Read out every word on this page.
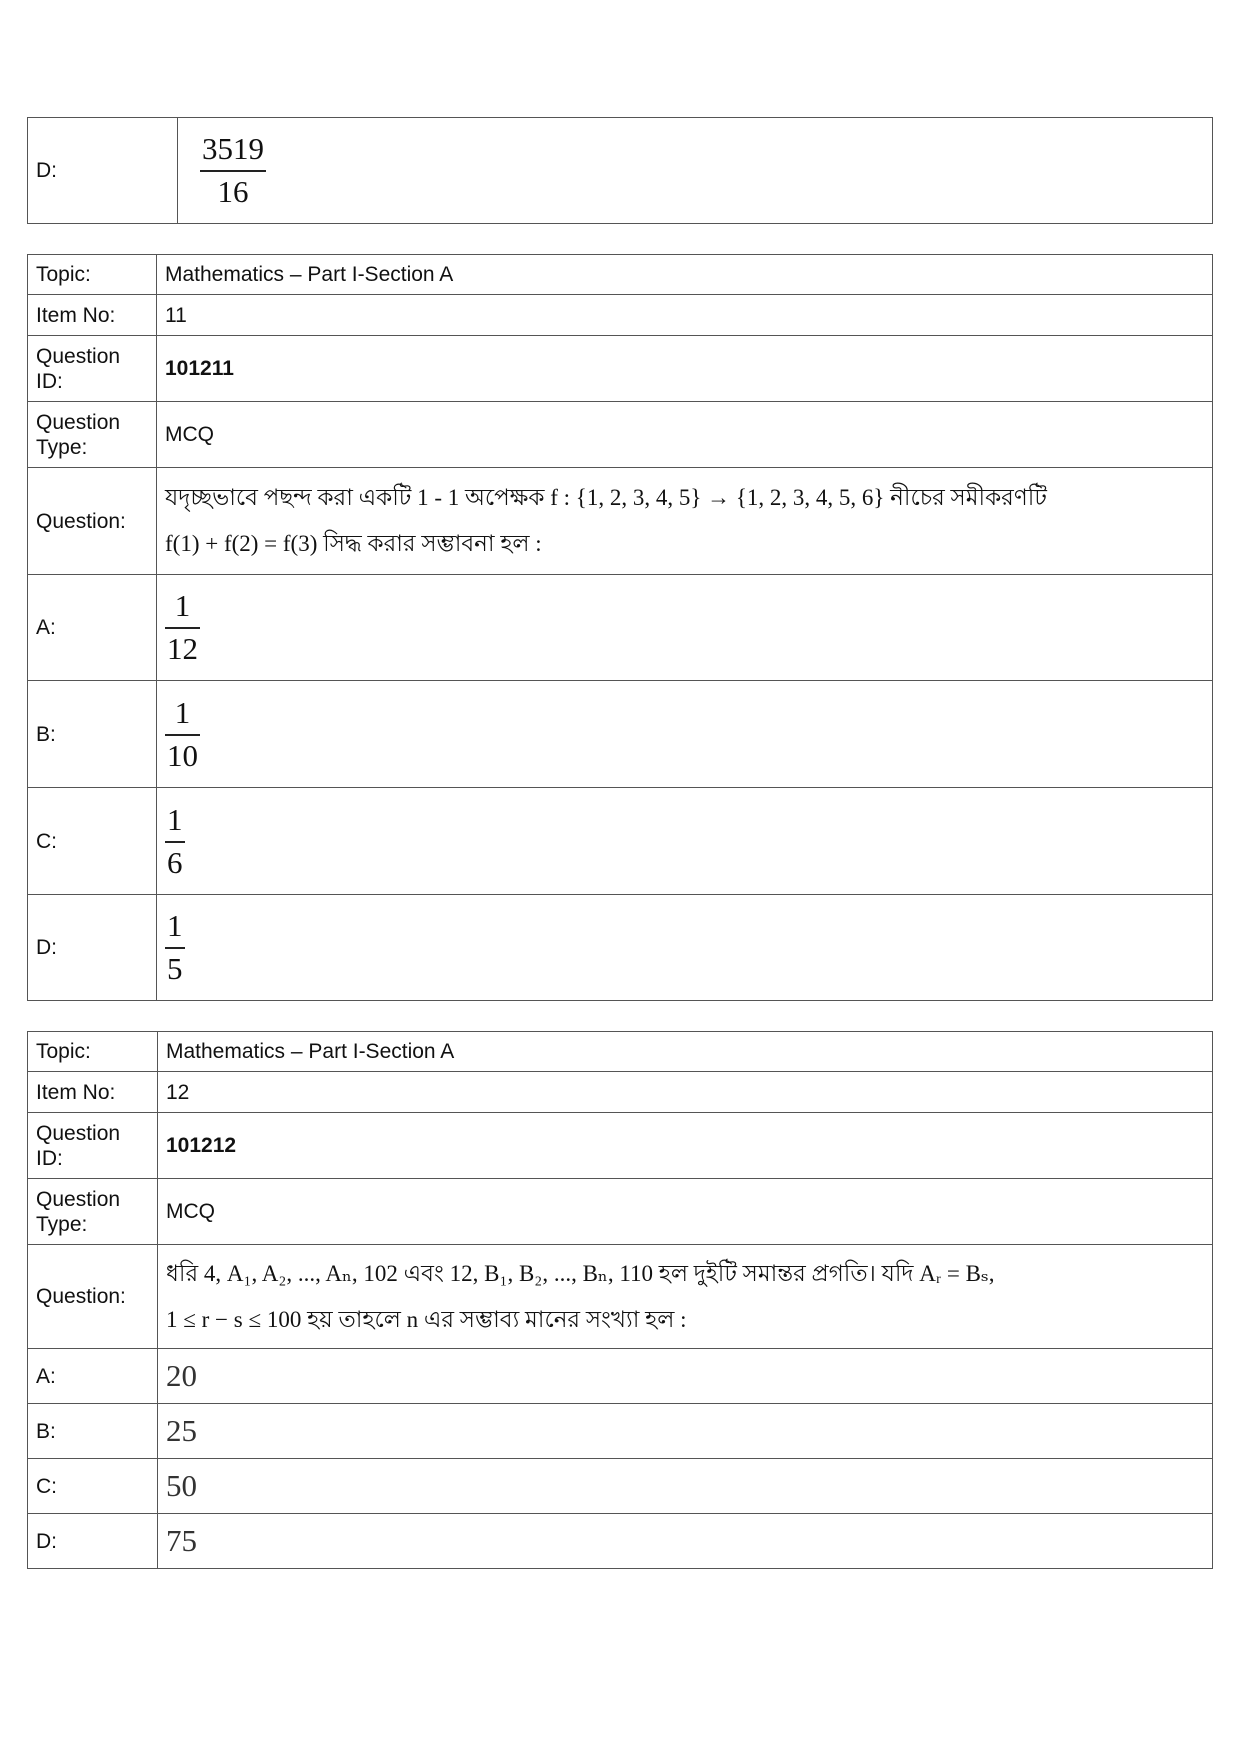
D:	$\frac{3519}{16}$
Topic:	Mathematics – Part I-Section A
Item No:	11
Question ID:	101211
Question Type:	MCQ
Question:	যদৃচ্ছভাবে পছন্দ করা একটি 1 - 1 অপেক্ষক f : {1, 2, 3, 4, 5} → {1, 2, 3, 4, 5, 6} নীচের সমীকরণটি
f(1) + f(2) = f(3) সিদ্ধ করার সম্ভাবনা হল :

A:	$\frac{1}{12}$

B:	$\frac{1}{10}$

C:	$\frac{1}{6}$

D:	$\frac{1}{5}$
Topic:	Mathematics – Part I-Section A
Item No:	12
Question ID:	101212
Question Type:	MCQ
Question:	ধরি 4, A₁, A₂, ..., Aₙ, 102 এবং 12, B₁, B₂, ..., Bₙ, 110 হল দুইটি সমান্তর প্রগতি। যদি Aᵣ = Bₛ,
1 ≤ r − s ≤ 100 হয় তাহলে n এর সম্ভাব্য মানের সংখ্যা হল :

A:	20
B:	25
C:	50
D:	75
